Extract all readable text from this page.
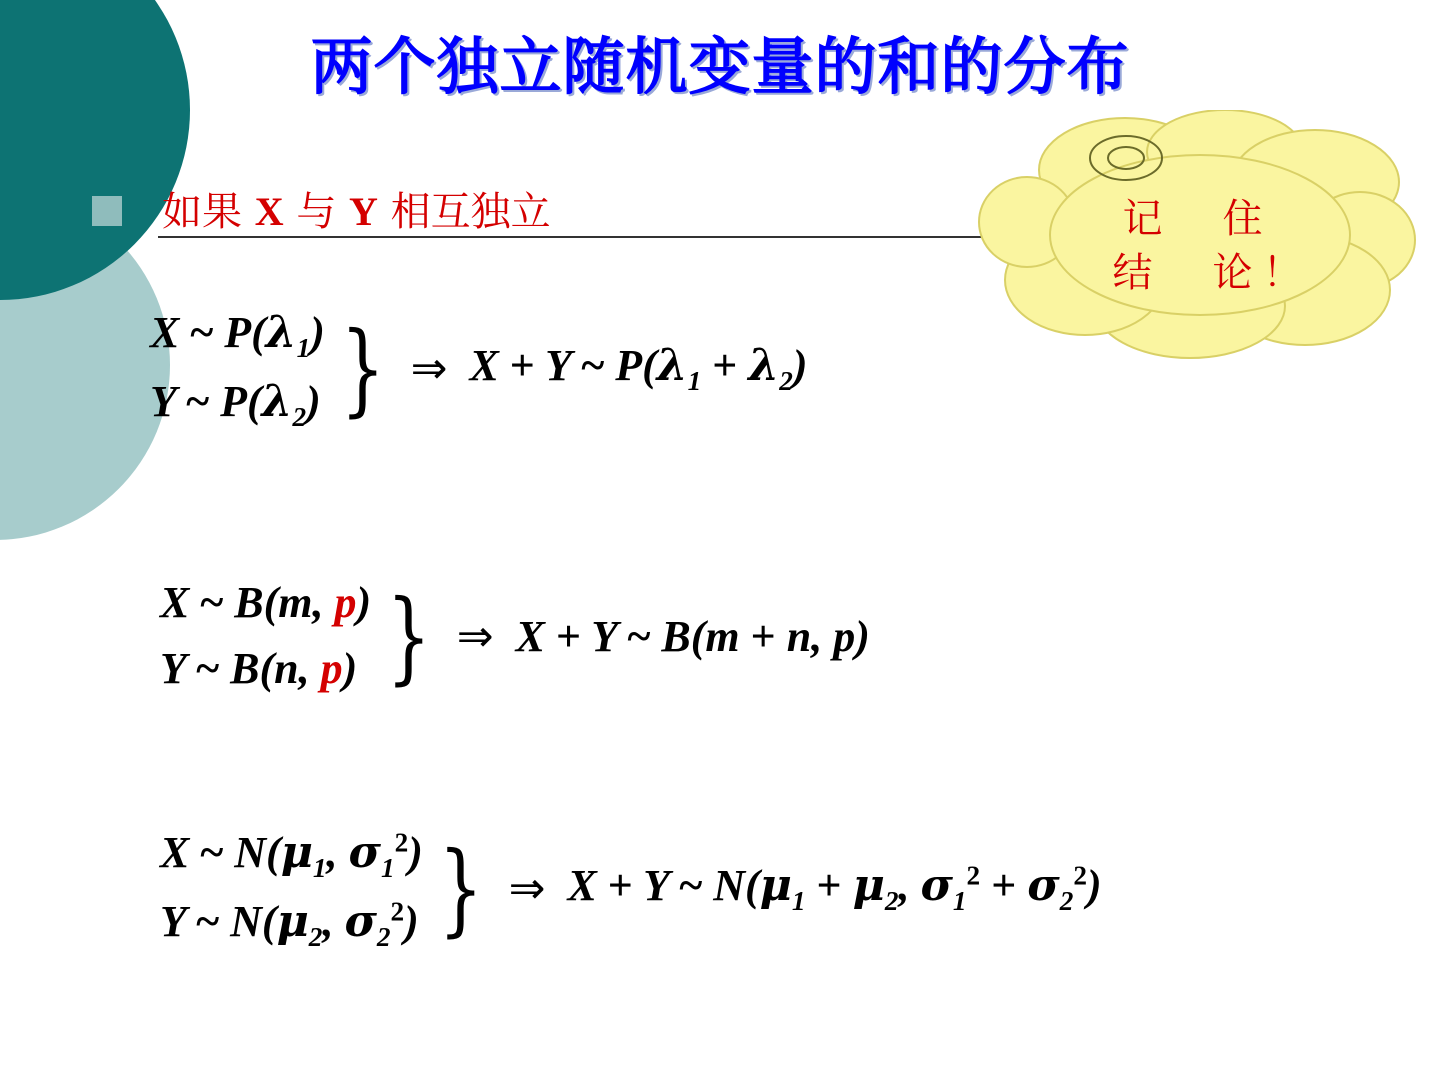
两个独立随机变量的和的分布
如果 X 与 Y 相互独立	记　住
结　论！
X ~ $P(\lambda_1)$
Y ~ $P(\lambda_2)$ } ⇒ X + Y ~ $P(\lambda_1 + \lambda_2)$
X ~ B(m, p)
Y ~ B(n, p) } ⇒ X + Y ~ B(m + n, p)
X ~ $N(\mu_1$, $\sigma_1^2$)
Y ~ $N(\mu_2$, $\sigma_2^2$) } ⇒ X + Y ~ $N(\mu_1 + \mu_2$, $\sigma_1^2 + \sigma_2^2$)
